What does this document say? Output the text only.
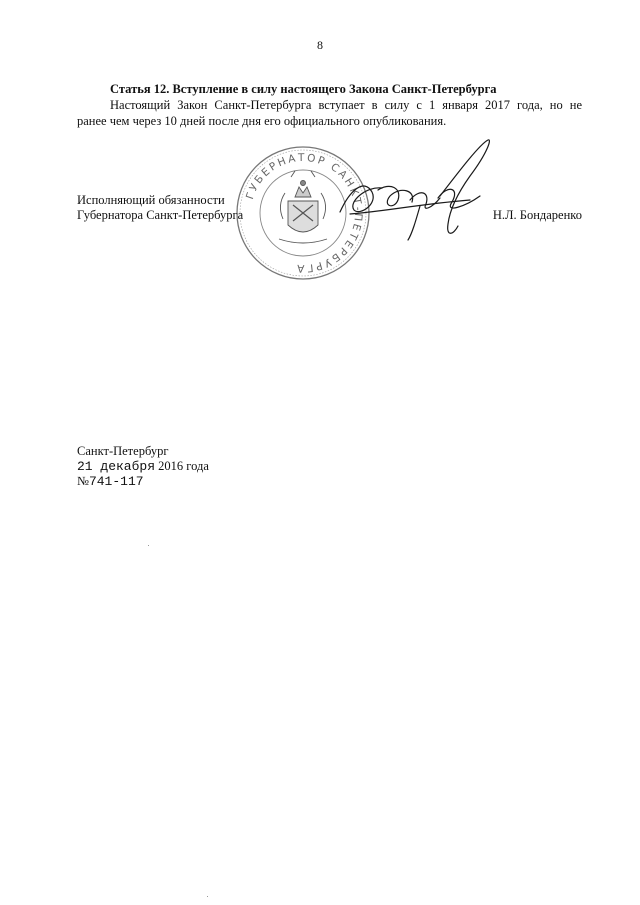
8
Статья 12. Вступление в силу настоящего Закона Санкт-Петербурга
Настоящий Закон Санкт-Петербурга вступает в силу с 1 января 2017 года, но не
ранее чем через 10 дней после дня его официального опубликования.
ГУБЕРНАТОР САНКТ-ПЕТЕРБУРГА
Исполняющий обязанности
Губернатора Санкт-Петербурга	Н.Л. Бондаренко
Санкт-Петербург
21 декабря 2016 года
№741-117
